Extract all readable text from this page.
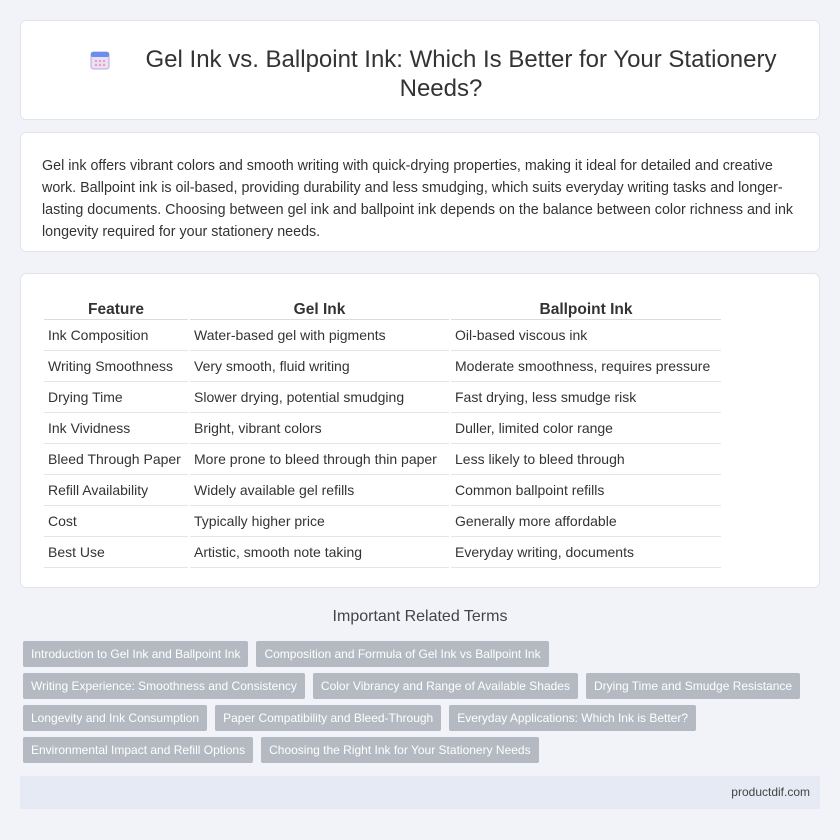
Gel Ink vs. Ballpoint Ink: Which Is Better for Your Stationery Needs?

Gel ink offers vibrant colors and smooth writing with quick-drying properties, making it ideal for detailed and creative work. Ballpoint ink is oil-based, providing durability and less smudging, which suits everyday writing tasks and longer-lasting documents. Choosing between gel ink and ballpoint ink depends on the balance between color richness and ink longevity required for your stationery needs.

Feature	Gel Ink	Ballpoint Ink
Ink Composition	Water-based gel with pigments	Oil-based viscous ink
Writing Smoothness	Very smooth, fluid writing	Moderate smoothness, requires pressure
Drying Time	Slower drying, potential smudging	Fast drying, less smudge risk
Ink Vividness	Bright, vibrant colors	Duller, limited color range
Bleed Through Paper	More prone to bleed through thin paper	Less likely to bleed through
Refill Availability	Widely available gel refills	Common ballpoint refills
Cost	Typically higher price	Generally more affordable
Best Use	Artistic, smooth note taking	Everyday writing, documents
Important Related Terms
Introduction to Gel Ink and Ballpoint Ink	Composition and Formula of Gel Ink vs Ballpoint Ink
Writing Experience: Smoothness and Consistency	Color Vibrancy and Range of Available Shades	Drying Time and Smudge Resistance
Longevity and Ink Consumption	Paper Compatibility and Bleed-Through	Everyday Applications: Which Ink is Better?
Environmental Impact and Refill Options	Choosing the Right Ink for Your Stationery Needs
productdif.com
